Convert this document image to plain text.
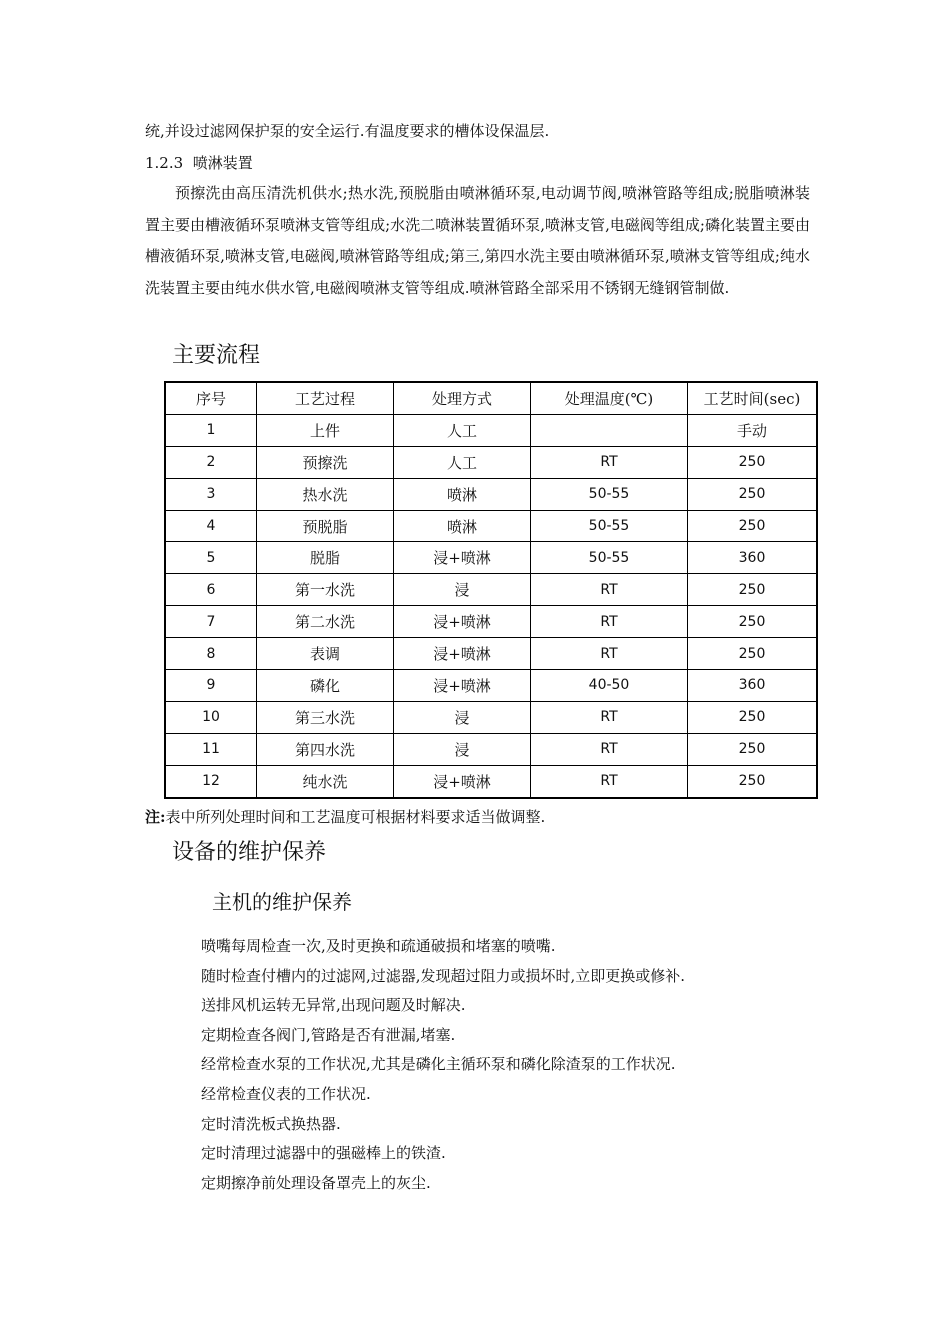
统,并设过滤网保护泵的安全运行.有温度要求的槽体设保温层.
1.2.3 喷淋装置
预擦洗由高压清洗机供水;热水洗,预脱脂由喷淋循环泵,电动调节阀,喷淋管路等组成;脱脂喷淋装置主要由槽液循环泵喷淋支管等组成;水洗二喷淋装置循环泵,喷淋支管,电磁阀等组成;磷化装置主要由槽液循环泵,喷淋支管,电磁阀,喷淋管路等组成;第三,第四水洗主要由喷淋循环泵,喷淋支管等组成;纯水洗装置主要由纯水供水管,电磁阀喷淋支管等组成.喷淋管路全部采用不锈钢无缝钢管制做.
主要流程
序号	工艺过程	处理方式	处理温度(℃)	工艺时间(sec)
1	上件	人工		手动
2	预擦洗	人工	RT	250
3	热水洗	喷淋	50-55	250
4	预脱脂	喷淋	50-55	250
5	脱脂	浸+喷淋	50-55	360
6	第一水洗	浸	RT	250
7	第二水洗	浸+喷淋	RT	250
8	表调	浸+喷淋	RT	250
9	磷化	浸+喷淋	40-50	360
10	第三水洗	浸	RT	250
11	第四水洗	浸	RT	250
12	纯水洗	浸+喷淋	RT	250
注:表中所列处理时间和工艺温度可根据材料要求适当做调整.
设备的维护保养
主机的维护保养
喷嘴每周检查一次,及时更换和疏通破损和堵塞的喷嘴.
随时检查付槽内的过滤网,过滤器,发现超过阻力或损坏时,立即更换或修补.
送排风机运转无异常,出现问题及时解决.
定期检查各阀门,管路是否有泄漏,堵塞.
经常检查水泵的工作状况,尤其是磷化主循环泵和磷化除渣泵的工作状况.
经常检查仪表的工作状况.
定时清洗板式换热器.
定时清理过滤器中的强磁棒上的铁渣.
定期擦净前处理设备罩壳上的灰尘.
